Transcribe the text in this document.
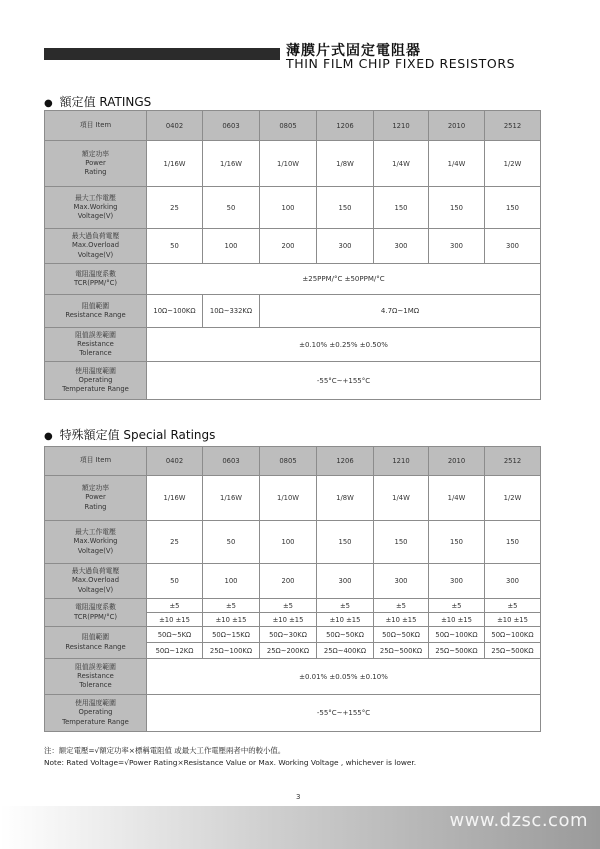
薄膜片式固定電阻器
THIN FILM CHIP FIXED RESISTORS
● 額定值 RATINGS
項目 Item	0402	0603	0805	1206	1210	2010	2512

額定功率
Power
Rating	1/16W	1/16W	1/10W	1/8W	1/4W	1/4W	1/2W

最大工作電壓
Max.Working
Voltage(V)	25	50	100	150	150	150	150

最大過負荷電壓
Max.Overload
Voltage(V)	50	100	200	300	300	300	300

電阻溫度系數
TCR(PPM/°C)	±25PPM/°C ±50PPM/°C						

阻值範圍
Resistance Range	10Ω~100KΩ	10Ω~332KΩ	4.7Ω~1MΩ				

阻值誤差範圍
Resistance
Tolerance	±0.10% ±0.25% ±0.50%						

使用溫度範圍
Operating
Temperature Range	-55°C~+155°C						
● 特殊額定值 Special Ratings
項目 Item	0402	0603	0805	1206	1210	2010	2512

額定功率
Power
Rating	1/16W	1/16W	1/10W	1/8W	1/4W	1/4W	1/2W

最大工作電壓
Max.Working
Voltage(V)	25	50	100	150	150	150	150

最大過負荷電壓
Max.Overload
Voltage(V)	50	100	200	300	300	300	300

電阻溫度系數
TCR(PPM/°C)	±5	±5	±5	±5	±5	±5	±5
	±10 ±15	±10 ±15	±10 ±15	±10 ±15	±10 ±15	±10 ±15	±10 ±15

阻值範圍
Resistance Range	50Ω~5KΩ	50Ω~15KΩ	50Ω~30KΩ	50Ω~50KΩ	50Ω~50KΩ	50Ω~100KΩ	50Ω~100KΩ
	50Ω~12KΩ	25Ω~100KΩ	25Ω~200KΩ	25Ω~400KΩ	25Ω~500KΩ	25Ω~500KΩ	25Ω~500KΩ

阻值誤差範圍
Resistance
Tolerance	±0.01% ±0.05% ±0.10%						

使用溫度範圍
Operating
Temperature Range	-55°C~+155°C						
注：額定電壓=√額定功率×標稱電阻值 或最大工作電壓兩者中的較小值。
Note: Rated Voltage=√Power Rating×Resistance Value or Max. Working Voltage , whichever is lower.
3
www.dzsc.com
